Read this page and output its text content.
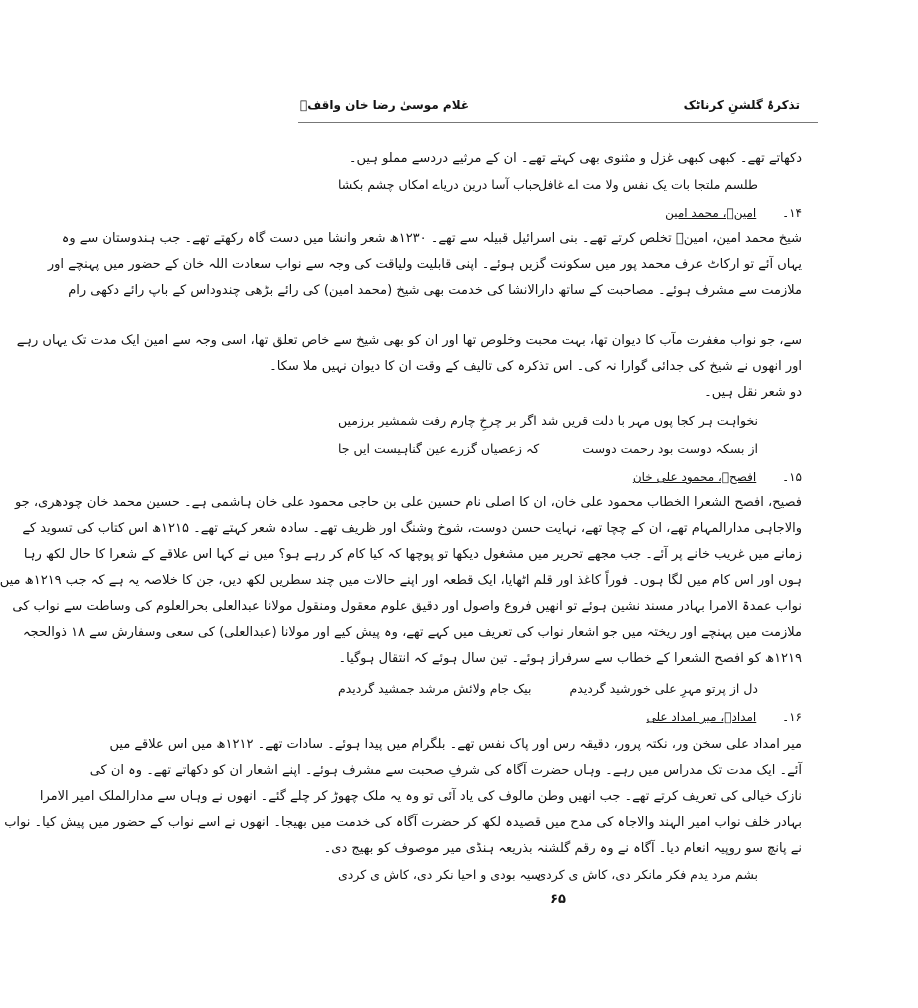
تذکرۂ گلشنِ کرناٹک
غلام موسیٰ رضا خان واقفؔ
دکھاتے تھے۔ کبھی کبھی غزل و مثنوی بھی کہتے تھے۔ ان کے مرثیے دردسے مملو ہیں۔
طلسم ملتجا بات یک نفس ولا مت اے غافل
حباب آسا درین دریاے امکاں چشم بکشا
۱۴۔ امینؔ، محمد امین
شیخ محمد امین، امینؔ تخلص کرتے تھے۔ بنی اسرائیل قبیلہ سے تھے۔ ۱۲۳۰ھ شعر وانشا میں دست گاہ رکھتے تھے۔ جب ہندوستان سے وہ
یہاں آئے تو ارکاٹ عرف محمد پور میں سکونت گزیں ہوئے۔ اپنی قابلیت ولیاقت کی وجہ سے نواب سعادت اللہ خان کے حضور میں پہنچے اور
ملازمت سے مشرف ہوئے۔ مصاحبت کے ساتھ دارالانشا کی خدمت بھی شیخ (محمد امین) کی رائے بڑھی چندوداس کے باپ رائے دکھی رام
سے، جو نواب مغفرت مآب کا دیوان تھا، بہت محبت وخلوص تھا اور ان کو بھی شیخ سے خاص تعلق تھا، اسی وجہ سے امین ایک مدت تک یہاں رہے
اور انھوں نے شیخ کی جدائی گوارا نہ کی۔ اس تذکرہ کی تالیف کے وقت ان کا دیوان نہیں ملا سکا۔
دو شعر نقل ہیں۔
نخواہت ہر کجا پوں مہر با دلت قریں شد
اگر بر چرخِ چارم رفت شمشیر برزمیں
از بسکہ دوست بود رحمت دوست
کہ زعصیاں گزرے عین گناہیست ایں جا
۱۵۔ افصحؔ، محمود علی خان
فصیح، افصح الشعرا الخطاب محمود علی خان، ان کا اصلی نام حسین علی بن حاجی محمود علی خان ہاشمی ہے۔ حسین محمد خان چودھری، جو
والاجاہی مدارالمہام تھے، ان کے چچا تھے، نہایت حسن دوست، شوخ وشنگ اور ظریف تھے۔ سادہ شعر کہتے تھے۔ ۱۲۱۵ھ اس کتاب کی تسوید کے
زمانے میں غریب خانے پر آئے۔ جب مجھے تحریر میں مشغول دیکھا تو پوچھا کہ کیا کام کر رہے ہو؟ میں نے کہا اس علاقے کے شعرا کا حال لکھ رہا
ہوں اور اس کام میں لگا ہوں۔ فوراً کاغذ اور قلم اٹھایا، ایک قطعہ اور اپنے حالات میں چند سطریں لکھ دیں، جن کا خلاصہ یہ ہے کہ جب ۱۲۱۹ھ میں
نواب عمدۃ الامرا بہادر مسند نشین ہوئے تو انھیں فروع واصول اور دقیق علوم معقول ومنقول مولانا عبدالعلی بحرالعلوم کی وساطت سے نواب کی
ملازمت میں پہنچے اور ریختہ میں جو اشعار نواب کی تعریف میں کہے تھے، وہ پیش کیے اور مولانا (عبدالعلی) کی سعی وسفارش سے ۱۸ ذوالحجہ
۱۲۱۹ھ کو افصح الشعرا کے خطاب سے سرفراز ہوئے۔ تین سال ہوئے کہ انتقال ہوگیا۔
دل از پرتو مہرِ علی خورشید گردیدم
بیک جام ولائش مرشد جمشید گردیدم
۱۶۔ امدادؔ، میر امداد علی
میر امداد علی سخن ور، نکتہ پرور، دقیقہ رس اور پاک نفس تھے۔ بلگرام میں پیدا ہوئے۔ سادات تھے۔ ۱۲۱۲ھ میں اس علاقے میں
آئے۔ ایک مدت تک مدراس میں رہے۔ وہاں حضرت آگاہ کی شرفِ صحبت سے مشرف ہوئے۔ اپنے اشعار ان کو دکھاتے تھے۔ وہ ان کی
نازک خیالی کی تعریف کرتے تھے۔ جب انھیں وطن مالوف کی یاد آئی تو وہ یہ ملک چھوڑ کر چلے گئے۔ انھوں نے وہاں سے مدارالملک امیر الامرا
بہادر خلف نواب امیر الہند والاجاہ کی مدح میں قصیدہ لکھ کر حضرت آگاہ کی خدمت میں بھیجا۔ انھوں نے اسے نواب کے حضور میں پیش کیا۔ نواب
نے پانچ سو روپیہ انعام دیا۔ آگاہ نے وہ رقم گلشنہ بذریعہ ہنڈی میر موصوف کو بھیج دی۔
بشم مرد یدم فکر مانکر دی، کاش ی کردی
سیہ بودی و احیا نکر دی، کاش ی کردی
۶۵
